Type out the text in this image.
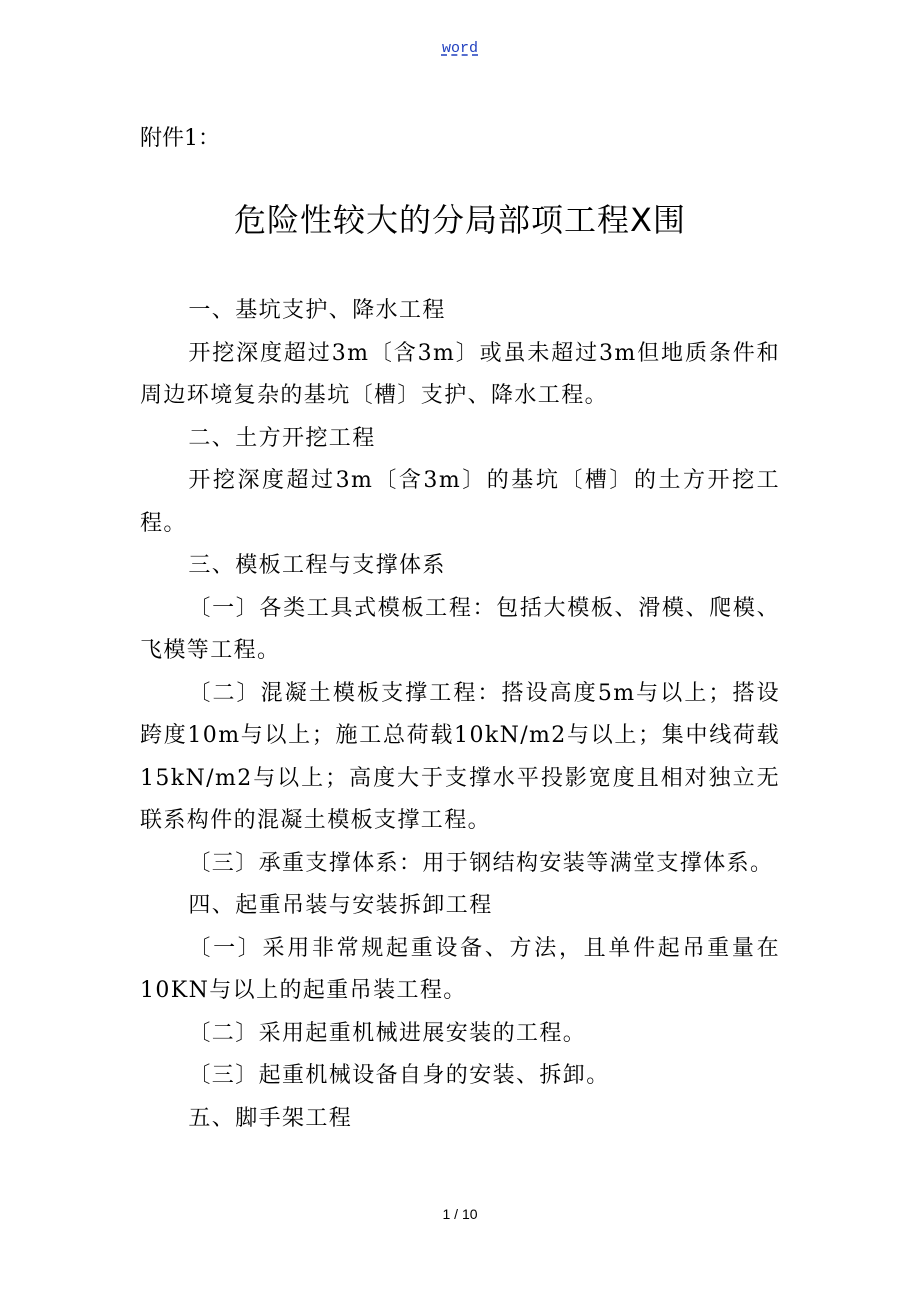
word
附件1：
危险性较大的分局部项工程X围

一、基坑支护、降水工程

开挖深度超过3m〔含3m〕或虽未超过3m但地质条件和周边环境复杂的基坑〔槽〕支护、降水工程。

二、土方开挖工程

开挖深度超过3m〔含3m〕的基坑〔槽〕的土方开挖工程。

三、模板工程与支撑体系

〔一〕各类工具式模板工程：包括大模板、滑模、爬模、飞模等工程。

〔二〕混凝土模板支撑工程：搭设高度5m与以上；搭设跨度10m与以上；施工总荷载10kN/m2与以上；集中线荷载15kN/m2与以上；高度大于支撑水平投影宽度且相对独立无联系构件的混凝土模板支撑工程。

〔三〕承重支撑体系：用于钢结构安装等满堂支撑体系。

四、起重吊装与安装拆卸工程

〔一〕采用非常规起重设备、方法，且单件起吊重量在10KN与以上的起重吊装工程。

〔二〕采用起重机械进展安装的工程。

〔三〕起重机械设备自身的安装、拆卸。

五、脚手架工程

1 / 10
